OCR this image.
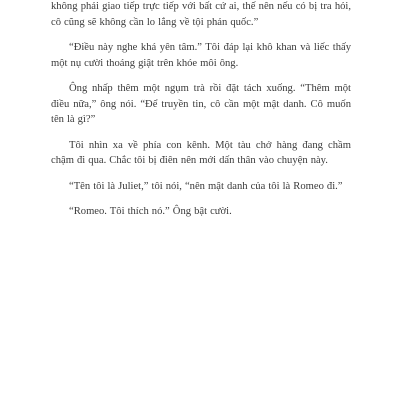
không phải giao tiếp trực tiếp với bất cứ ai, thế nên nếu có bị tra hỏi, cô cũng sẽ không cần lo lắng về tội phản quốc.”

“Điều này nghe khá yên tâm.” Tôi đáp lại khô khan và liếc thấy một nụ cười thoáng giật trên khóe môi ông.

Ông nhấp thêm một ngụm trà rồi đặt tách xuống. “Thêm một điều nữa,” ông nói. “Để truyền tin, cô cần một mật danh. Cô muốn tên là gì?”

Tôi nhìn xa về phía con kênh. Một tàu chở hàng đang chầm chậm đi qua. Chắc tôi bị điên nên mới dấn thân vào chuyện này.

“Tên tôi là Juliet,” tôi nói, “nên mật danh của tôi là Romeo đi.”

“Romeo. Tôi thích nó.” Ông bật cười.
